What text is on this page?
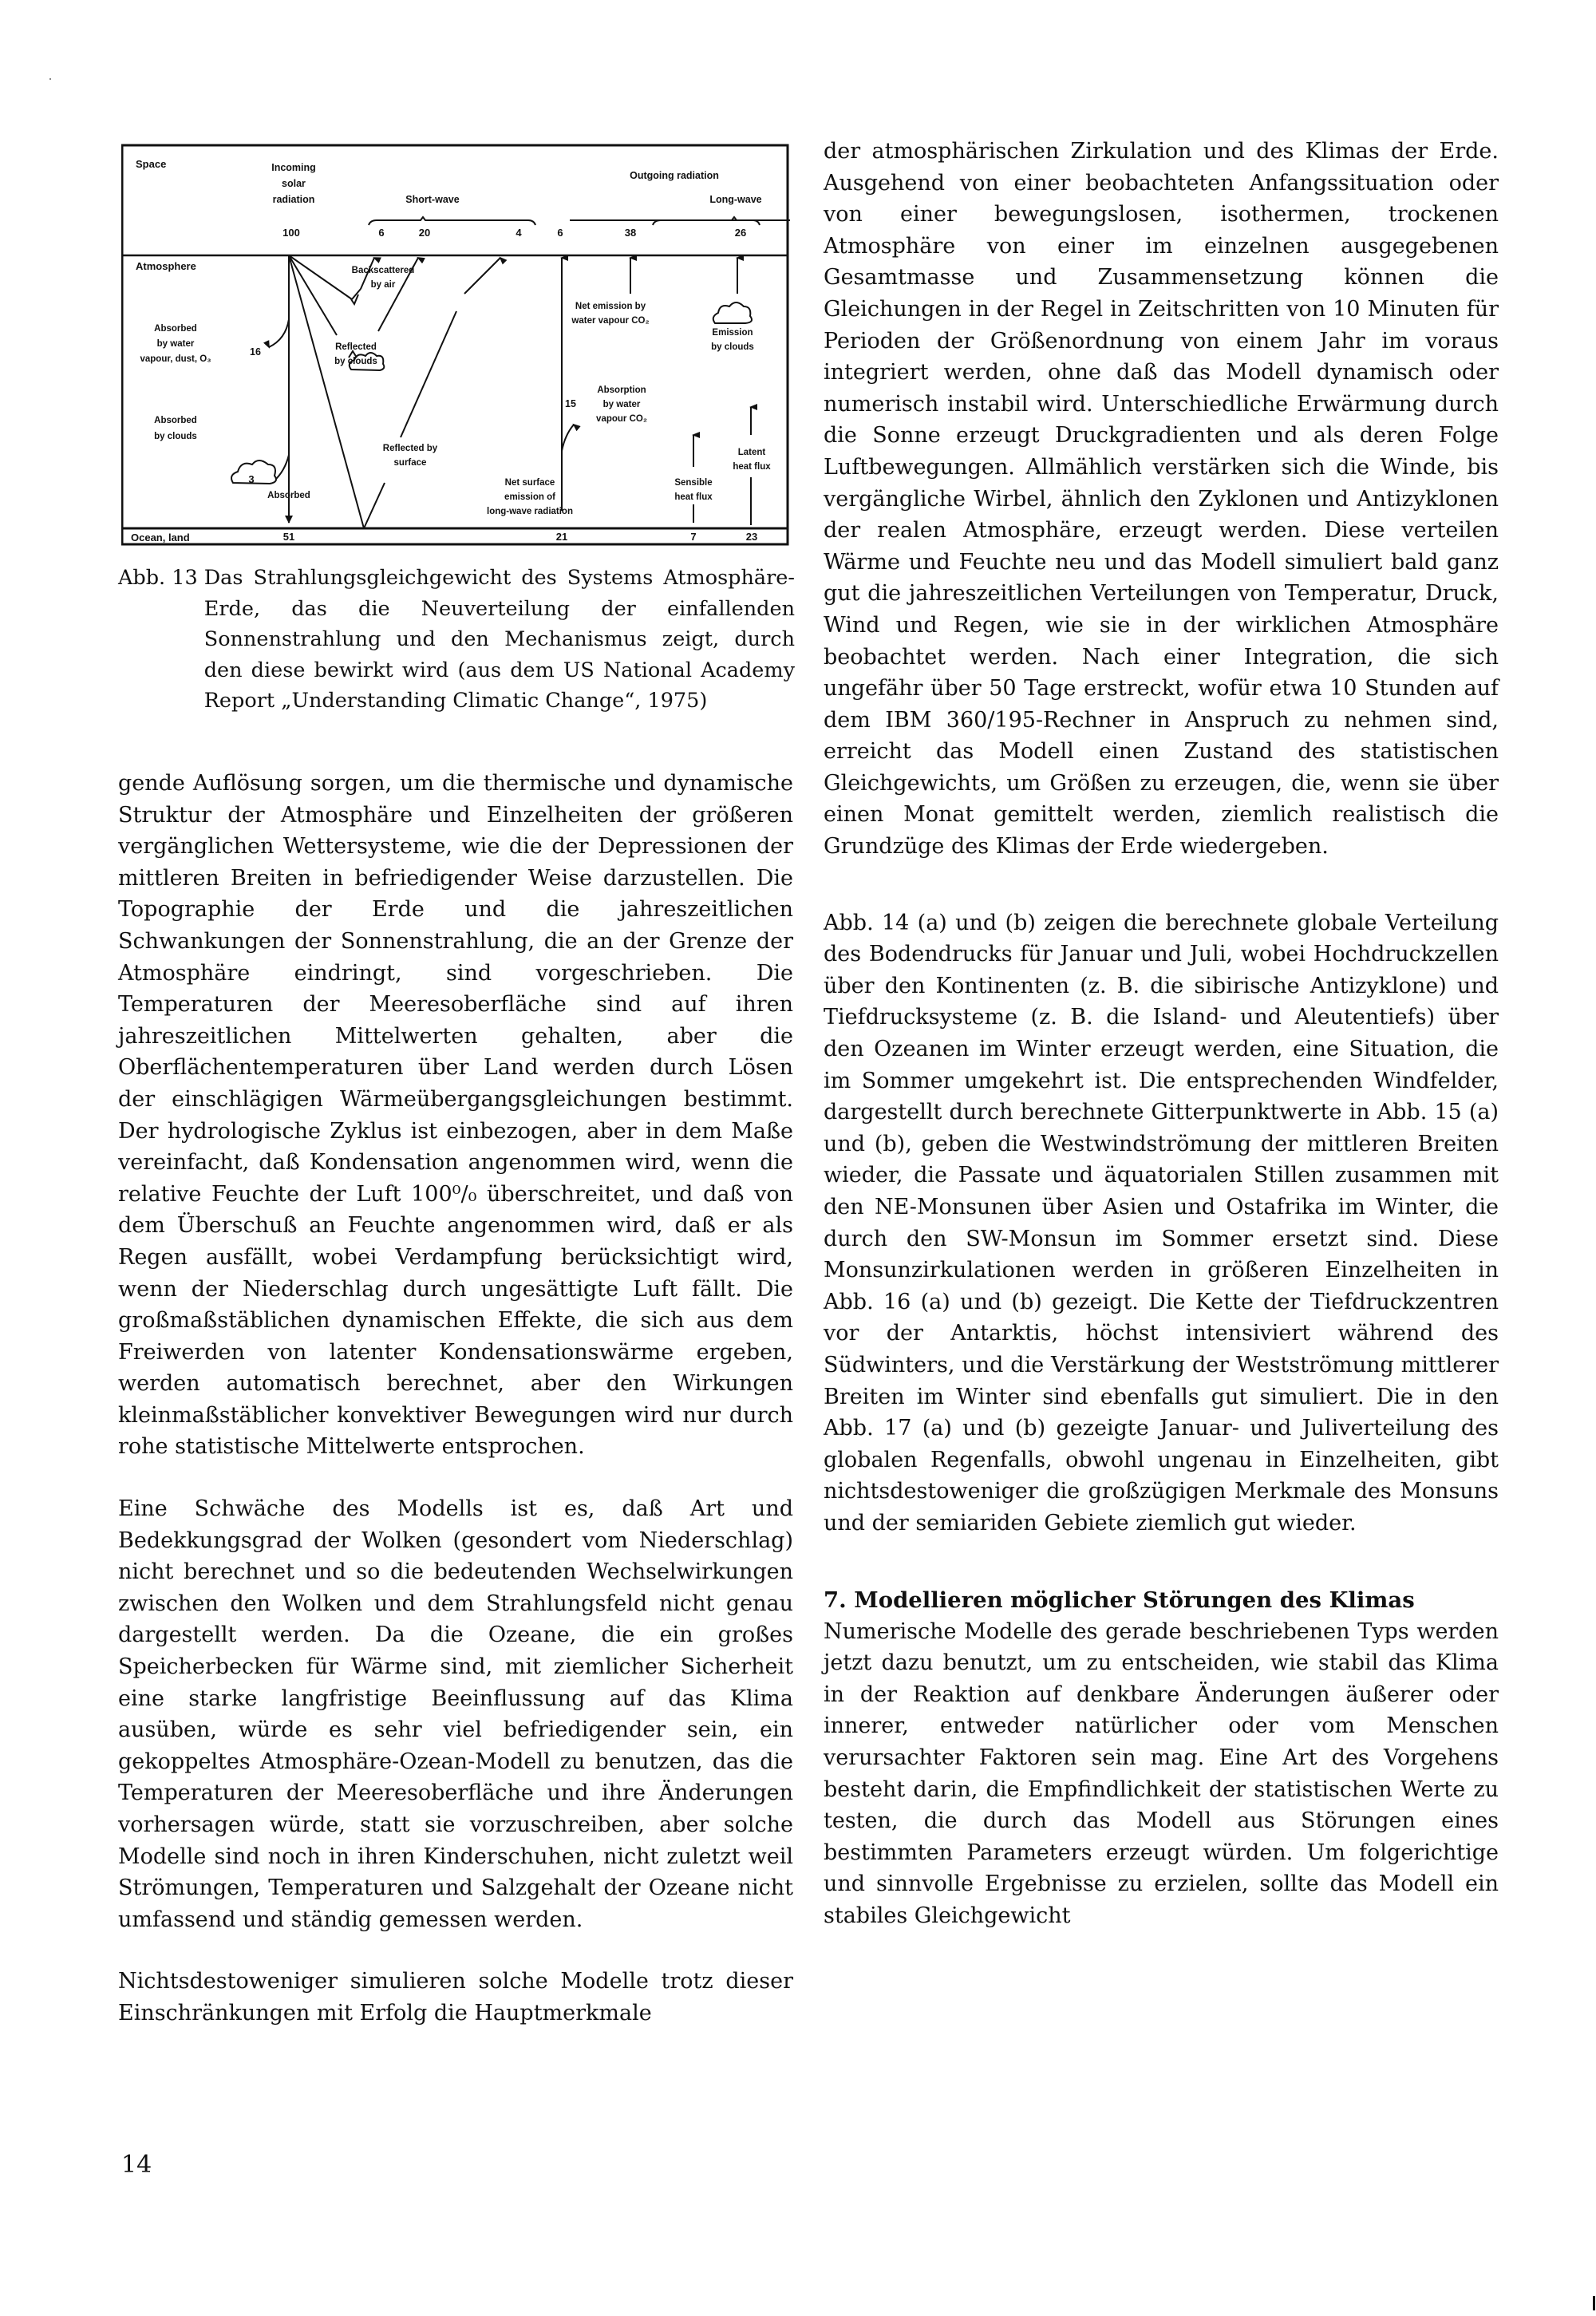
Space
Atmosphere
Ocean, land
Incoming
solar
radiation
100
Outgoing radiation
Short-wave	Long-wave
6	20	4	6	38	26
3
Backscattered
by air
Reflected
by clouds
Reflected by
surface
Absorbed
by water
vapour, dust, O₃
16
Absorbed
by clouds
Absorbed
Net emission by
water vapour CO₂
Emission
by clouds
Absorption
by water
vapour CO₂
15
Net surface
emission of
long-wave radiation
Sensible
heat flux
Latent
heat flux
51	21	7	23
Abb. 13 Das Strahlungsgleichgewicht des Systems Atmosphäre-Erde, das die Neuverteilung der einfallenden Sonnenstrahlung und den Mechanismus zeigt, durch den diese bewirkt wird (aus dem US National Academy Report „Understanding Climatic Change“, 1975)

gende Auflösung sorgen, um die thermische und dynamische Struktur der Atmosphäre und Einzelheiten der größeren vergänglichen Wettersysteme, wie die der Depressionen der mittleren Breiten in befriedigender Weise darzustellen. Die Topographie der Erde und die jahreszeitlichen Schwankungen der Sonnenstrahlung, die an der Grenze der Atmosphäre eindringt, sind vorgeschrieben. Die Temperaturen der Meeresoberfläche sind auf ihren jahreszeitlichen Mittelwerten gehalten, aber die Oberflächentemperaturen über Land werden durch Lösen der einschlägigen Wärmeübergangsgleichungen bestimmt. Der hydrologische Zyklus ist einbezogen, aber in dem Maße vereinfacht, daß Kondensation angenommen wird, wenn die relative Feuchte der Luft 100⁰/₀ überschreitet, und daß von dem Überschuß an Feuchte angenommen wird, daß er als Regen ausfällt, wobei Verdampfung berücksichtigt wird, wenn der Niederschlag durch ungesättigte Luft fällt. Die großmaßstäblichen dynamischen Effekte, die sich aus dem Freiwerden von latenter Kondensationswärme ergeben, werden automatisch berechnet, aber den Wirkungen kleinmaßstäblicher konvektiver Bewegungen wird nur durch rohe statistische Mittelwerte entsprochen.

Eine Schwäche des Modells ist es, daß Art und Bedekkungsgrad der Wolken (gesondert vom Niederschlag) nicht berechnet und so die bedeutenden Wechselwirkungen zwischen den Wolken und dem Strahlungsfeld nicht genau dargestellt werden. Da die Ozeane, die ein großes Speicherbecken für Wärme sind, mit ziemlicher Sicherheit eine starke langfristige Beeinflussung auf das Klima ausüben, würde es sehr viel befriedigender sein, ein gekoppeltes Atmosphäre-Ozean-Modell zu benutzen, das die Temperaturen der Meeresoberfläche und ihre Änderungen vorhersagen würde, statt sie vorzuschreiben, aber solche Modelle sind noch in ihren Kinderschuhen, nicht zuletzt weil Strömungen, Temperaturen und Salzgehalt der Ozeane nicht umfassend und ständig gemessen werden.

Nichtsdestoweniger simulieren solche Modelle trotz dieser Einschränkungen mit Erfolg die Hauptmerkmale

der atmosphärischen Zirkulation und des Klimas der Erde. Ausgehend von einer beobachteten Anfangssituation oder von einer bewegungslosen, isothermen, trockenen Atmosphäre von einer im einzelnen ausgegebenen Gesamtmasse und Zusammensetzung können die Gleichungen in der Regel in Zeitschritten von 10 Minuten für Perioden der Größenordnung von einem Jahr im voraus integriert werden, ohne daß das Modell dynamisch oder numerisch instabil wird. Unterschiedliche Erwärmung durch die Sonne erzeugt Druckgradienten und als deren Folge Luftbewegungen. Allmählich verstärken sich die Winde, bis vergängliche Wirbel, ähnlich den Zyklonen und Antizyklonen der realen Atmosphäre, erzeugt werden. Diese verteilen Wärme und Feuchte neu und das Modell simuliert bald ganz gut die jahreszeitlichen Verteilungen von Temperatur, Druck, Wind und Regen, wie sie in der wirklichen Atmosphäre beobachtet werden. Nach einer Integration, die sich ungefähr über 50 Tage erstreckt, wofür etwa 10 Stunden auf dem IBM 360/195-Rechner in Anspruch zu nehmen sind, erreicht das Modell einen Zustand des statistischen Gleichgewichts, um Größen zu erzeugen, die, wenn sie über einen Monat gemittelt werden, ziemlich realistisch die Grundzüge des Klimas der Erde wiedergeben.

Abb. 14 (a) und (b) zeigen die berechnete globale Verteilung des Bodendrucks für Januar und Juli, wobei Hochdruckzellen über den Kontinenten (z. B. die sibirische Antizyklone) und Tiefdrucksysteme (z. B. die Island- und Aleutentiefs) über den Ozeanen im Winter erzeugt werden, eine Situation, die im Sommer umgekehrt ist. Die entsprechenden Windfelder, dargestellt durch berechnete Gitterpunktwerte in Abb. 15 (a) und (b), geben die Westwindströmung der mittleren Breiten wieder, die Passate und äquatorialen Stillen zusammen mit den NE-Monsunen über Asien und Ostafrika im Winter, die durch den SW-Monsun im Sommer ersetzt sind. Diese Monsunzirkulationen werden in größeren Einzelheiten in Abb. 16 (a) und (b) gezeigt. Die Kette der Tiefdruckzentren vor der Antarktis, höchst intensiviert während des Südwinters, und die Verstärkung der Westströmung mittlerer Breiten im Winter sind ebenfalls gut simuliert. Die in den Abb. 17 (a) und (b) gezeigte Januar- und Juliverteilung des globalen Regenfalls, obwohl ungenau in Einzelheiten, gibt nichtsdestoweniger die großzügigen Merkmale des Monsuns und der semiariden Gebiete ziemlich gut wieder.

7. Modellieren möglicher Störungen des Klimas

Numerische Modelle des gerade beschriebenen Typs werden jetzt dazu benutzt, um zu entscheiden, wie stabil das Klima in der Reaktion auf denkbare Änderungen äußerer oder innerer, entweder natürlicher oder vom Menschen verursachter Faktoren sein mag. Eine Art des Vorgehens besteht darin, die Empfindlichkeit der statistischen Werte zu testen, die durch das Modell aus Störungen eines bestimmten Parameters erzeugt würden. Um folgerichtige und sinnvolle Ergebnisse zu erzielen, sollte das Modell ein stabiles Gleichgewicht

14
